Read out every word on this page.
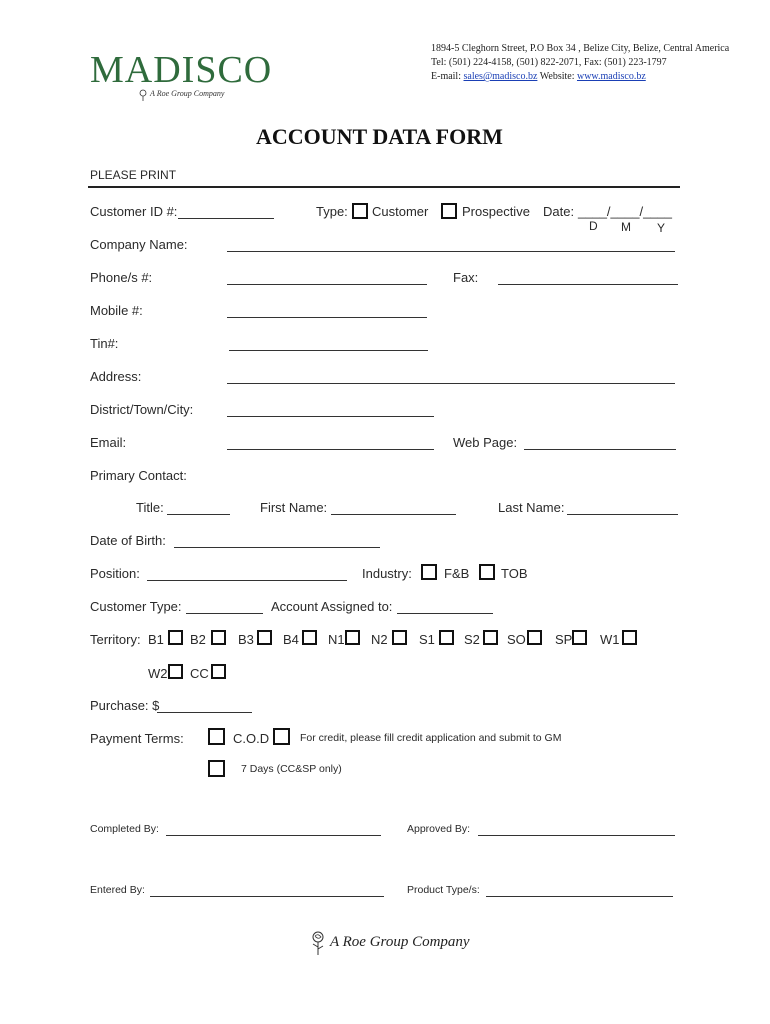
MADISCO
A Roe Group Company
1894-5 Cleghorn Street, P.O Box 34 , Belize City, Belize, Central America
Tel: (501) 224-4158, (501) 822-2071, Fax: (501) 223-1797
E-mail: sales@madisco.bz Website: www.madisco.bz
ACCOUNT DATA FORM
PLEASE PRINT
Customer ID #:	Type: Customer	Prospective Date: ____/____/____
D M Y
Company Name:
Phone/s #:	Fax:
Mobile #:
Tin#:
Address:
District/Town/City:
Email:	Web Page:
Primary Contact:
Title:	First Name:	Last Name:
Date of Birth:
Position:	Industry: F&B TOB
Customer Type:	Account Assigned to:
Territory: B1 B2 B3 B4 N1 N2 S1 S2 SO SP W1
W2 CC
Purchase: $
Payment Terms:	C.O.D	For credit, please fill credit application and submit to GM
7 Days (CC&SP only)
Completed By:	Approved By:
Entered By:	Product Type/s:
A Roe Group Company
